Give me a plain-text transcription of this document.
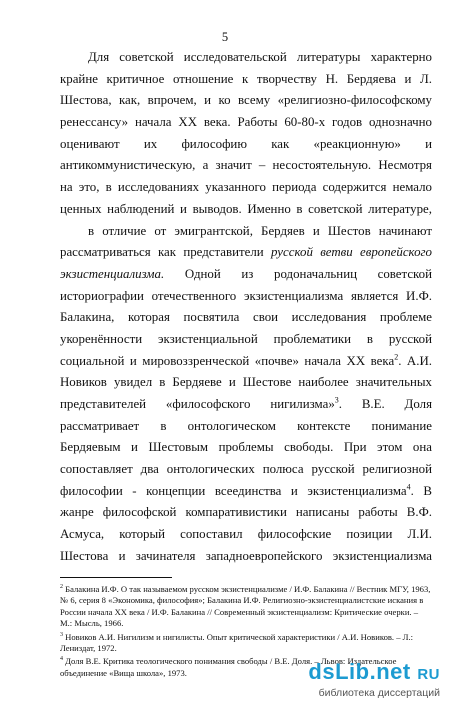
5
Для советской исследовательской литературы характерно
крайне критичное отношение к творчеству Н. Бердяева и Л.
Шестова, как, впрочем, и ко всему «религиозно-философскому
ренессансу» начала ХХ века. Работы 60-80-х годов однозначно
оценивают их философию как «реакционную» и
антикоммунистическую, а значит – несостоятельную. Несмотря
на это, в исследованиях указанного периода содержится немало
ценных наблюдений и выводов. Именно в советской литературе,
в отличие от эмигрантской, Бердяев и Шестов начинают
рассматриваться как представители русской ветви европейского
экзистенциализма. Одной из родоначальниц советской
историографии отечественного экзистенциализма является И.Ф.
Балакина, которая посвятила свои исследования проблеме
укоренённости экзистенциальной проблематики в русской
социальной и мировоззренческой «почве» начала ХХ века$^2$. А.И.
Новиков увидел в Бердяеве и Шестове наиболее значительных
представителей «философского нигилизма»$^3$. В.Е. Доля
рассматривает в онтологическом контексте понимание
Бердяевым и Шестовым проблемы свободы. При этом она
сопоставляет два онтологических полюса русской религиозной
философии - концепции всеединства и экзистенциализма$^4$. В
жанре философской компаративистики написаны работы В.Ф.
Асмуса, который сопоставил философские позиции Л.И.
Шестова и зачинателя западноевропейского экзистенциализма
$^2$ Балакина И.Ф. О так называемом русском экзистенциализме / И.Ф. Балакина // Вестник МГУ, 1963, № 6, серия 8 «Экономика, философия»; Балакина И.Ф. Религиозно-экзистенциалистские искания в России начала ХХ века / И.Ф. Балакина // Современный экзистенциализм: Критические очерки. – М.: Мысль, 1966.
$^3$ Новиков А.И. Нигилизм и нигилисты. Опыт критической характеристики / А.И. Новиков. – Л.: Лениздат, 1972.
$^4$ Доля В.Е. Критика теологического понимания свободы / В.Е. Доля. – Львов: Издательское объединение «Вища школа», 1973.	dsLib.net RU
библиотека диссертаций
